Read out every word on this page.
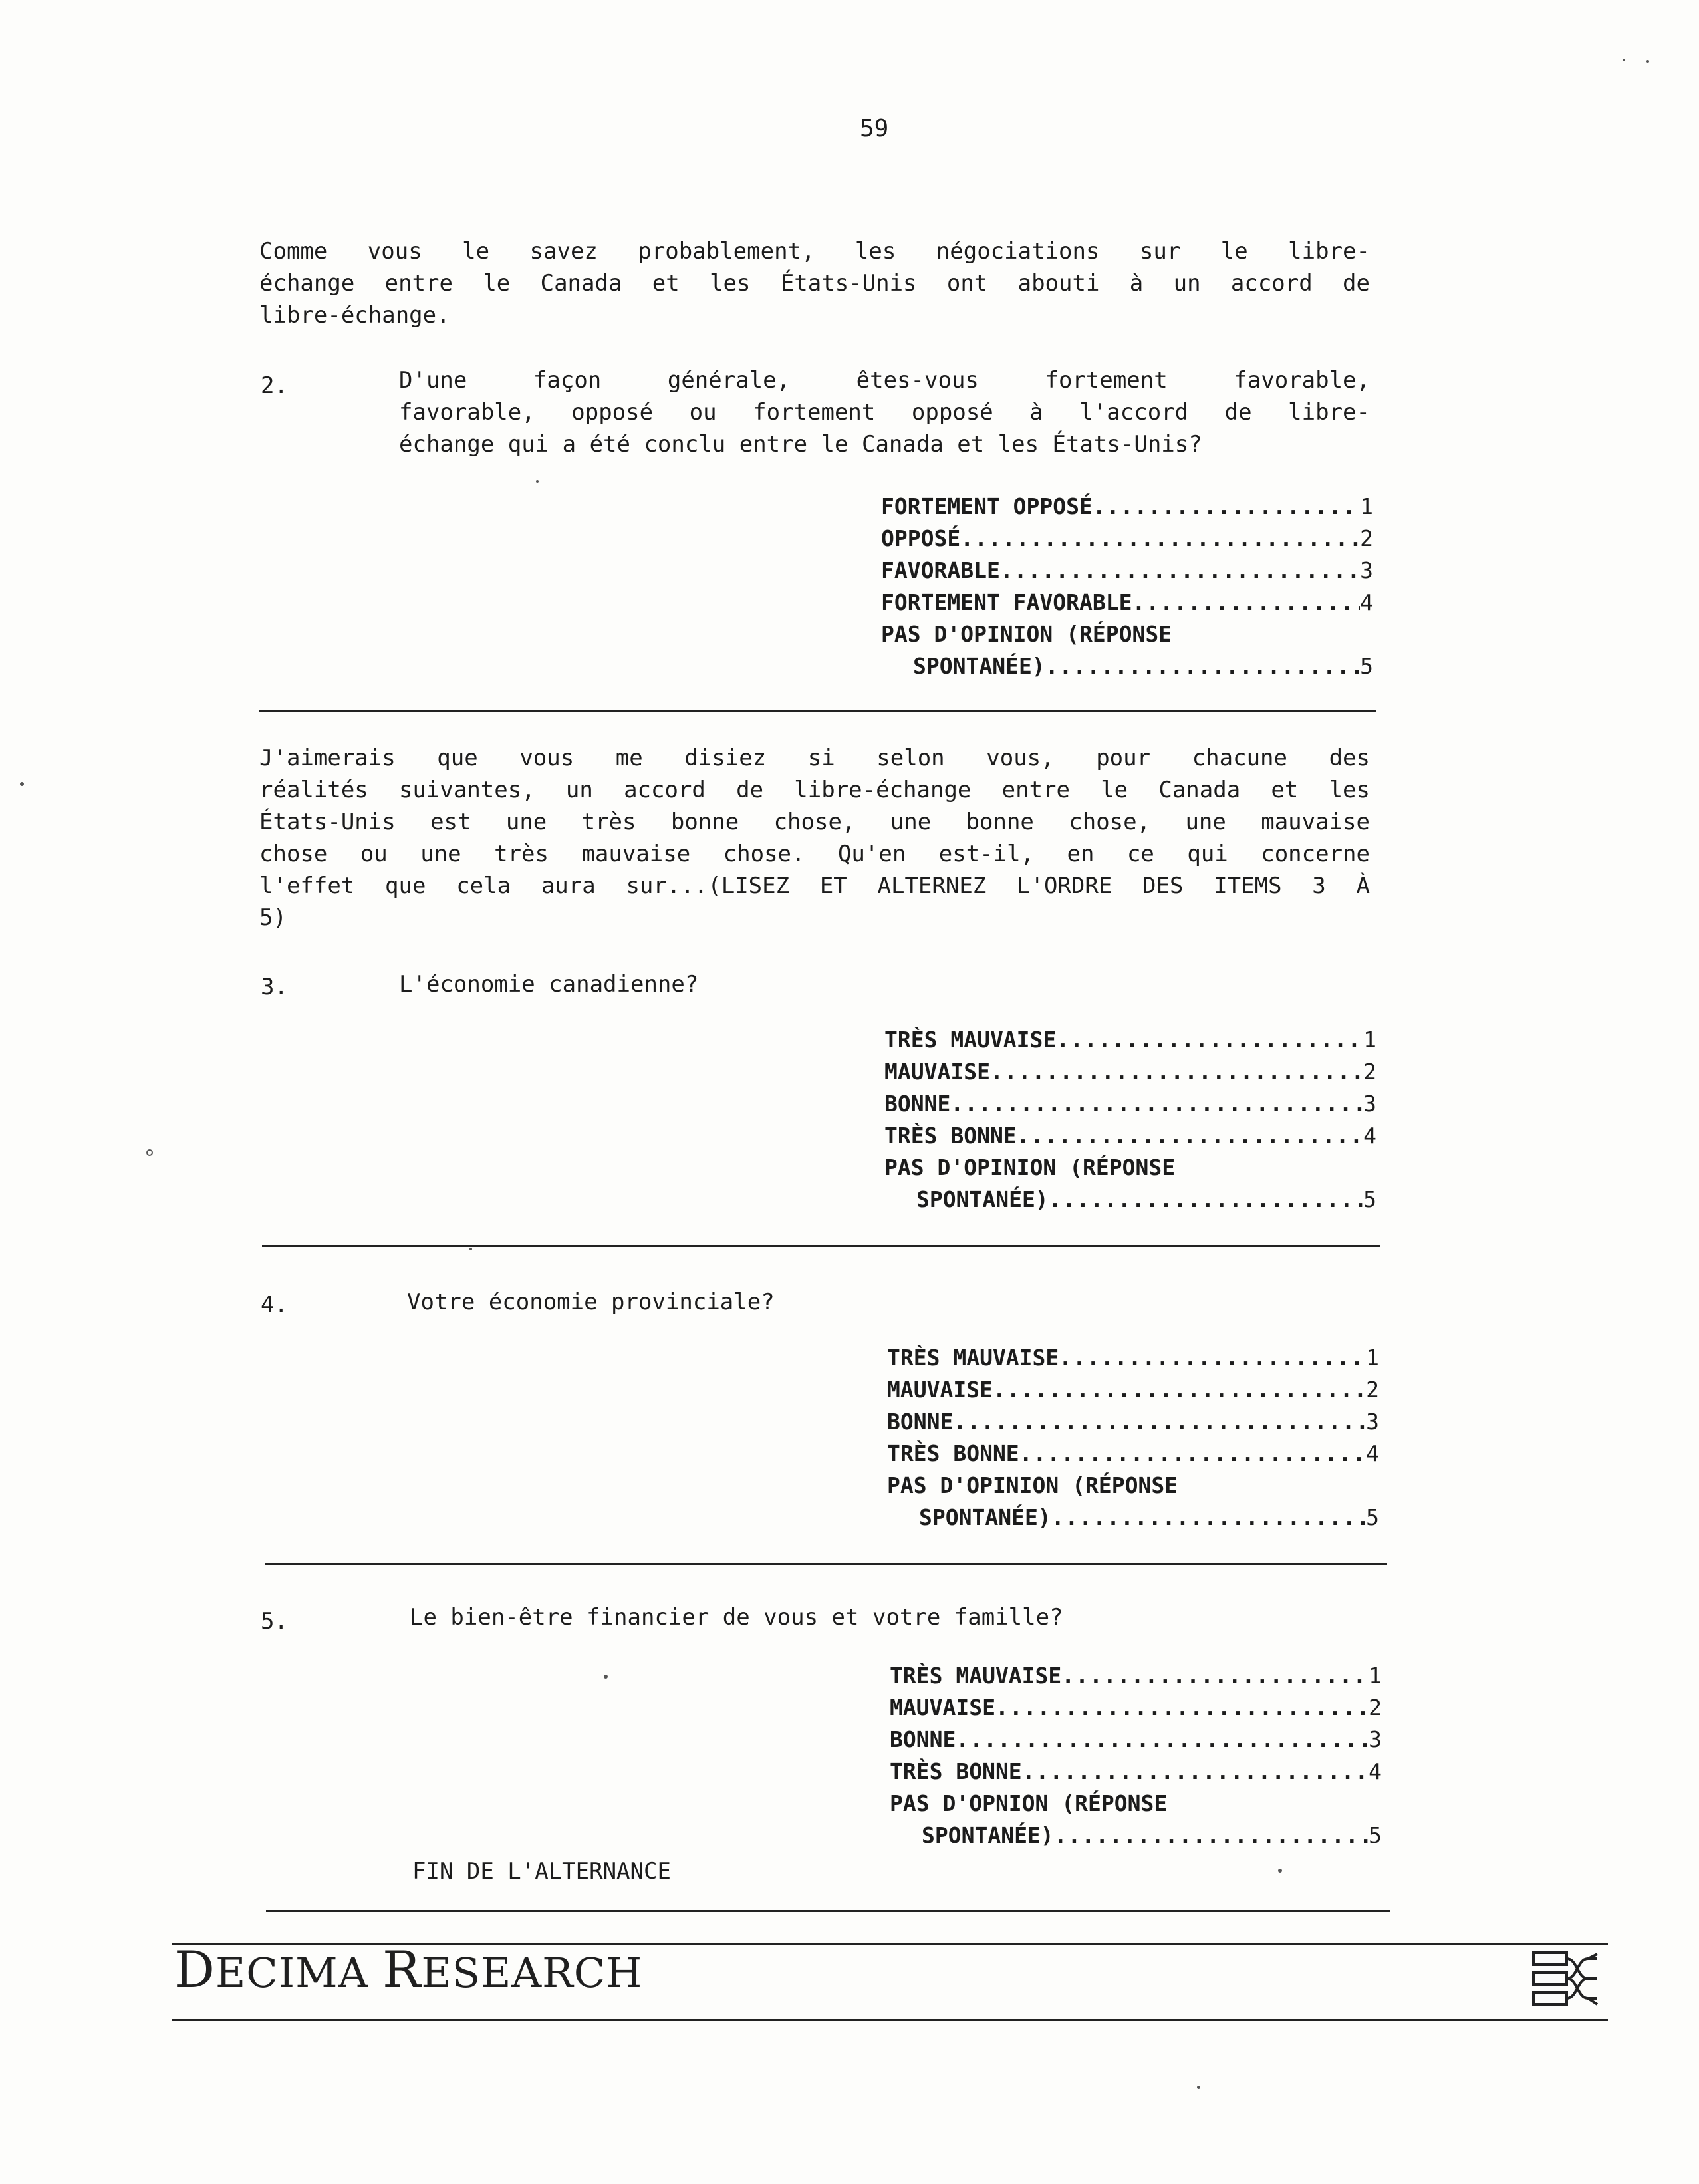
59
Comme vous le savez probablement, les négociations sur le libre-
échange entre le Canada et les États-Unis ont abouti à un accord de
libre-échange.
2.	D'une façon générale, êtes-vous fortement favorable,
favorable, opposé ou fortement opposé à l'accord de libre-
échange qui a été conclu entre le Canada et les États-Unis?
FORTEMENT OPPOSÉ .....	1
OPPOSÉ .....	2
FAVORABLE .....	3
FORTEMENT FAVORABLE .....	4
PAS D'OPINION (RÉPONSE
SPONTANÉE) .....	5
J'aimerais que vous me disiez si selon vous, pour chacune des
réalités suivantes, un accord de libre-échange entre le Canada et les
États-Unis est une très bonne chose, une bonne chose, une mauvaise
chose ou une très mauvaise chose. Qu'en est-il, en ce qui concerne
l'effet que cela aura sur...(LISEZ ET ALTERNEZ L'ORDRE DES ITEMS 3 À
5)
3.	L'économie canadienne?
TRÈS MAUVAISE .....	1
MAUVAISE .....	2
BONNE .....	3
TRÈS BONNE .....	4
PAS D'OPINION (RÉPONSE
SPONTANÉE) .....	5
4.	Votre économie provinciale?
TRÈS MAUVAISE .....	1
MAUVAISE .....	2
BONNE .....	3
TRÈS BONNE .....	4
PAS D'OPINION (RÉPONSE
SPONTANÉE) .....	5
5.	Le bien-être financier de vous et votre famille?
TRÈS MAUVAISE .....	1
MAUVAISE .....	2
BONNE .....	3
TRÈS BONNE .....	4
PAS D'OPNION (RÉPONSE
SPONTANÉE) .....	5
FIN DE L'ALTERNANCE
DECIMA RESEARCH
